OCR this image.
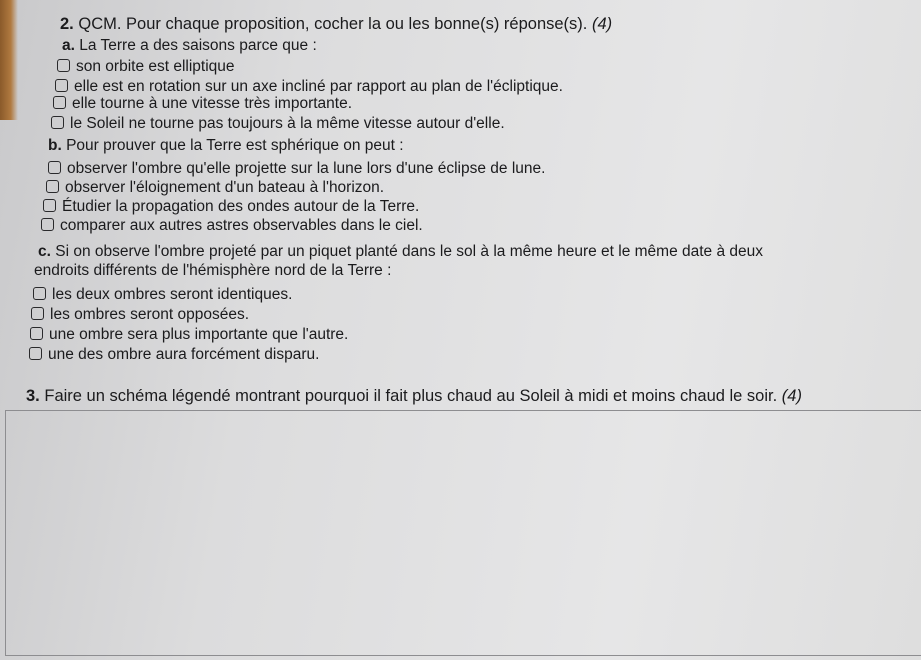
2. QCM. Pour chaque proposition, cocher la ou les bonne(s) réponse(s). (4)
a. La Terre a des saisons parce que :
son orbite est elliptique
elle est en rotation sur un axe incliné par rapport au plan de l'écliptique.
elle tourne à une vitesse très importante.
le Soleil ne tourne pas toujours à la même vitesse autour d'elle.
b. Pour prouver que la Terre est sphérique on peut :
observer l'ombre qu'elle projette sur la lune lors d'une éclipse de lune.
observer l'éloignement d'un bateau à l'horizon.
Étudier la propagation des ondes autour de la Terre.
comparer aux autres astres observables dans le ciel.
c. Si on observe l'ombre projeté par un piquet planté dans le sol à la même heure et le même date à deux
endroits différents de l'hémisphère nord de la Terre :
les deux ombres seront identiques.
les ombres seront opposées.
une ombre sera plus importante que l'autre.
une des ombre aura forcément disparu.
3. Faire un schéma légendé montrant pourquoi il fait plus chaud au Soleil à midi et moins chaud le soir. (4)
